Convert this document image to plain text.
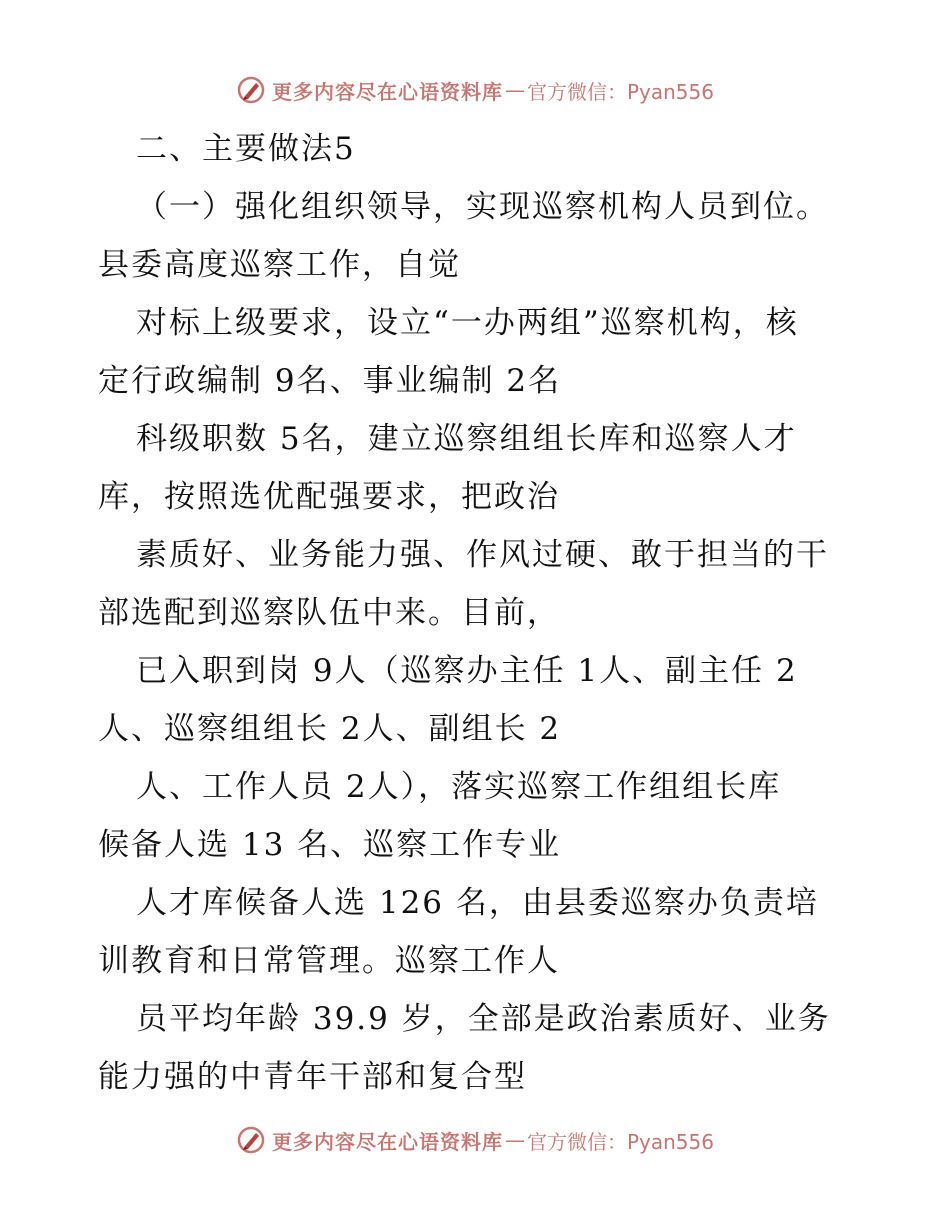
更多内容尽在心语资料库 — 官方微信：Pyan556
二、主要做法5
（一）强化组织领导，实现巡察机构人员到位。
县委高度巡察工作，自觉
对标上级要求，设立“一办两组”巡察机构，核
定行政编制 9名、事业编制 2名
科级职数 5名，建立巡察组组长库和巡察人才
库，按照选优配强要求，把政治
素质好、业务能力强、作风过硬、敢于担当的干
部选配到巡察队伍中来。目前，
已入职到岗 9人（巡察办主任 1人、副主任 2
人、巡察组组长 2人、副组长 2
人、工作人员 2人），落实巡察工作组组长库
候备人选 13 名、巡察工作专业
人才库候备人选 126 名，由县委巡察办负责培
训教育和日常管理。巡察工作人
员平均年龄 39.9 岁，全部是政治素质好、业务
能力强的中青年干部和复合型
更多内容尽在心语资料库 — 官方微信：Pyan556
